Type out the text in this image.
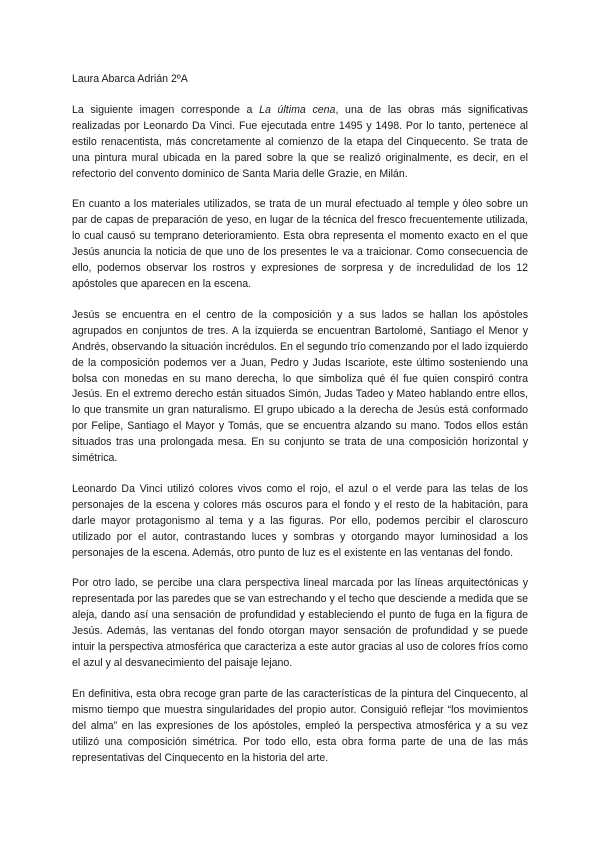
Laura Abarca Adrián 2ºA

La siguiente imagen corresponde a La última cena, una de las obras más significativas realizadas por Leonardo Da Vinci. Fue ejecutada entre 1495 y 1498. Por lo tanto, pertenece al estilo renacentista, más concretamente al comienzo de la etapa del Cinquecento. Se trata de una pintura mural ubicada en la pared sobre la que se realizó originalmente, es decir, en el refectorio del convento dominico de Santa Maria delle Grazie, en Milán.

En cuanto a los materiales utilizados, se trata de un mural efectuado al temple y óleo sobre un par de capas de preparación de yeso, en lugar de la técnica del fresco frecuentemente utilizada, lo cual causó su temprano deterioramiento. Esta obra representa el momento exacto en el que Jesús anuncia la noticia de que uno de los presentes le va a traicionar. Como consecuencia de ello, podemos observar los rostros y expresiones de sorpresa y de incredulidad de los 12 apóstoles que aparecen en la escena.

Jesús se encuentra en el centro de la composición y a sus lados se hallan los apóstoles agrupados en conjuntos de tres. A la izquierda se encuentran Bartolomé, Santiago el Menor y Andrés, observando la situación incrédulos. En el segundo trío comenzando por el lado izquierdo de la composición podemos ver a Juan, Pedro y Judas Iscariote, este último sosteniendo una bolsa con monedas en su mano derecha, lo que simboliza qué él fue quien conspiró contra Jesús. En el extremo derecho están situados Simón, Judas Tadeo y Mateo hablando entre ellos, lo que transmite un gran naturalismo. El grupo ubicado a la derecha de Jesús está conformado por Felipe, Santiago el Mayor y Tomás, que se encuentra alzando su mano. Todos ellos están situados tras una prolongada mesa. En su conjunto se trata de una composición horizontal y simétrica.

Leonardo Da Vinci utilizó colores vivos como el rojo, el azul o el verde para las telas de los personajes de la escena y colores más oscuros para el fondo y el resto de la habitación, para darle mayor protagonismo al tema y a las figuras. Por ello, podemos percibir el claroscuro utilizado por el autor, contrastando luces y sombras y otorgando mayor luminosidad a los personajes de la escena. Además, otro punto de luz es el existente en las ventanas del fondo.

Por otro lado, se percibe una clara perspectiva lineal marcada por las líneas arquitectónicas y representada por las paredes que se van estrechando y el techo que desciende a medida que se aleja, dando así una sensación de profundidad y estableciendo el punto de fuga en la figura de Jesús. Además, las ventanas del fondo otorgan mayor sensación de profundidad y se puede intuir la perspectiva atmosférica que caracteriza a este autor gracias al uso de colores fríos como el azul y al desvanecimiento del paisaje lejano.

En definitiva, esta obra recoge gran parte de las características de la pintura del Cinquecento, al mismo tiempo que muestra singularidades del propio autor. Consiguió reflejar “los movimientos del alma” en las expresiones de los apóstoles, empleó la perspectiva atmosférica y a su vez utilizó una composición simétrica. Por todo ello, esta obra forma parte de una de las más representativas del Cinquecento en la historia del arte.
